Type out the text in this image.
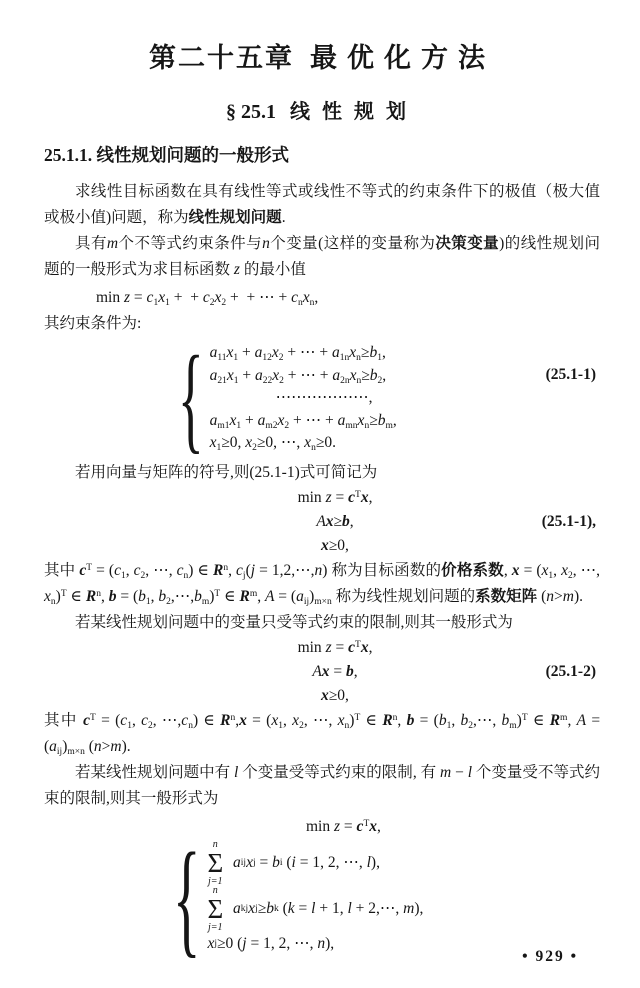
第二十五章 最优化方法
§ 25.1 线性规划
25.1.1. 线性规划问题的一般形式

求线性目标函数在具有线性等式或线性不等式的约束条件下的极值（极大值或极小值)问题，称为线性规划问题.

具有m个不等式约束条件与n个变量(这样的变量称为决策变量)的线性规划问题的一般形式为求目标函数 z 的最小值

$\min z = c_1x_1$ +  + $c_2x_2$ +  + ⋯ + $c_nx_n$,
其约束条件为:
{ $a_{11}x_1 + a_{12}x_2$ + ⋯ + $a_{1n}x_n\ge b_1$,
$a_{21}x_1 + a_{22}x_2$ + ⋯ + $a_{2n}x_n\ge b_2$,
⋯⋯⋯⋯⋯⋯,
$a_{m1}x_1 + a_{m2}x_2$ + ⋯ + $a_{mn}x_n\ge b_m$,
$x_1\ge 0$, $x_2\ge 0$, ⋯, $x_n\ge 0$.
(25.1-1)

若用向量与矩阵的符号,则(25.1-1)式可简记为

$\min z = c^Tx$,
Ax≥b,
x≥0,
(25.1-1),

其中 $c^T = (c_1$, $c_2$, ⋯, $c_n$) ∈ $R^n$, $c_j(j$ = 1,2,⋯,n) 称为目标函数的价格系数, $x = (x_1$, $x_2$, ⋯, $x_n)^T$ ∈ $R^n$, $b = (b_1$, $b_2,\cdots,b_m)^T$ ∈ $R^m$, $A = (a_{ij})_{m\times n}$ 称为线性规划问题的系数矩阵 (n>m).

若某线性规划问题中的变量只受等式约束的限制,则其一般形式为

$\min z = c^Tx$,
Ax = b,
x≥0,
(25.1-2)

其中 $c^T = (c_1$, $c_2$, $\cdots,c_n$) ∈ $R^n,x = (x_1$, $x_2$, ⋯, $x_n)^T$ ∈ $R^n$, $b = (b_1$, $b_2,\cdots$, $b_m)^T$ ∈ $R^m$, $A = (a_{ij})_{m\times n}$ (n>m).

若某线性规划问题中有 l 个变量受等式约束的限制, 有 m − l 个变量受不等式约束的限制,则其一般形式为

$\min z = c^Tx$,
{ n
Σ
j=1

a ij x j = b i ( i = 1, 2, ⋯, l ),
n
Σ
j=1

a kj x j ≥ b k ( k = l + 1, l + 2,⋯, m ),
x j ≥0 ( j = 1, 2, ⋯, n ),
• 929 •
